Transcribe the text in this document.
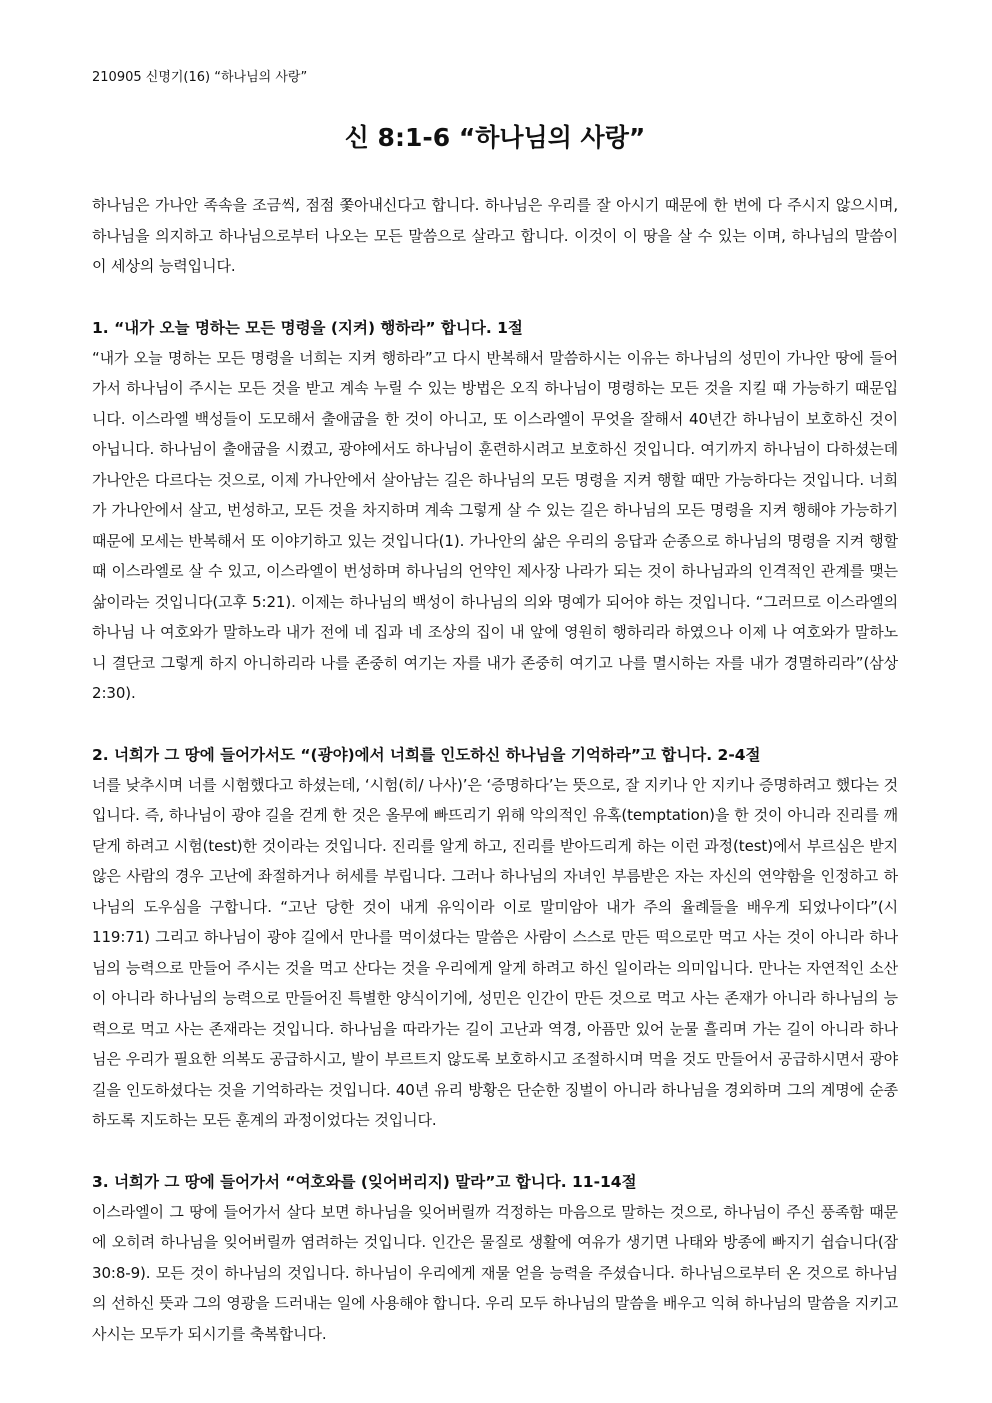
210905 신명기(16) “하나님의 사랑”

신 8:1-6 “하나님의 사랑”

하나님은 가나안 족속을 조금씩, 점점 쫓아내신다고 합니다. 하나님은 우리를 잘 아시기 때문에 한 번에 다 주시지 않으시며, 하나님을 의지하고 하나님으로부터 나오는 모든 말씀으로 살라고 합니다. 이것이 이 땅을 살 수 있는 이며, 하나님의 말씀이 이 세상의 능력입니다.

1. “내가 오늘 명하는 모든 명령을 (지켜) 행하라” 합니다. 1절

“내가 오늘 명하는 모든 명령을 너희는 지켜 행하라”고 다시 반복해서 말씀하시는 이유는 하나님의 성민이 가나안 땅에 들어가서 하나님이 주시는 모든 것을 받고 계속 누릴 수 있는 방법은 오직 하나님이 명령하는 모든 것을 지킬 때 가능하기 때문입니다. 이스라엘 백성들이 도모해서 출애굽을 한 것이 아니고, 또 이스라엘이 무엇을 잘해서 40년간 하나님이 보호하신 것이 아닙니다. 하나님이 출애굽을 시켰고, 광야에서도 하나님이 훈련하시려고 보호하신 것입니다. 여기까지 하나님이 다하셨는데 가나안은 다르다는 것으로, 이제 가나안에서 살아남는 길은 하나님의 모든 명령을 지켜 행할 때만 가능하다는 것입니다. 너희가 가나안에서 살고, 번성하고, 모든 것을 차지하며 계속 그렇게 살 수 있는 길은 하나님의 모든 명령을 지켜 행해야 가능하기 때문에 모세는 반복해서 또 이야기하고 있는 것입니다(1). 가나안의 삶은 우리의 응답과 순종으로 하나님의 명령을 지켜 행할 때 이스라엘로 살 수 있고, 이스라엘이 번성하며 하나님의 언약인 제사장 나라가 되는 것이 하나님과의 인격적인 관계를 맺는 삶이라는 것입니다(고후 5:21). 이제는 하나님의 백성이 하나님의 의와 명예가 되어야 하는 것입니다. “그러므로 이스라엘의 하나님 나 여호와가 말하노라 내가 전에 네 집과 네 조상의 집이 내 앞에 영원히 행하리라 하였으나 이제 나 여호와가 말하노니 결단코 그렇게 하지 아니하리라 나를 존중히 여기는 자를 내가 존중히 여기고 나를 멸시하는 자를 내가 경멸하리라”(삼상 2:30).

2. 너희가 그 땅에 들어가서도 “(광야)에서 너희를 인도하신 하나님을 기억하라”고 합니다. 2-4절

너를 낮추시며 너를 시험했다고 하셨는데, ‘시험(히/ 나사)’은 ‘증명하다’는 뜻으로, 잘 지키나 안 지키나 증명하려고 했다는 것입니다. 즉, 하나님이 광야 길을 걷게 한 것은 올무에 빠뜨리기 위해 악의적인 유혹(temptation)을 한 것이 아니라 진리를 깨닫게 하려고 시험(test)한 것이라는 것입니다. 진리를 알게 하고, 진리를 받아드리게 하는 이런 과정(test)에서 부르심은 받지 않은 사람의 경우 고난에 좌절하거나 허세를 부립니다. 그러나 하나님의 자녀인 부름받은 자는 자신의 연약함을 인정하고 하나님의 도우심을 구합니다. “고난 당한 것이 내게 유익이라 이로 말미암아 내가 주의 율례들을 배우게 되었나이다”(시 119:71) 그리고 하나님이 광야 길에서 만나를 먹이셨다는 말씀은 사람이 스스로 만든 떡으로만 먹고 사는 것이 아니라 하나님의 능력으로 만들어 주시는 것을 먹고 산다는 것을 우리에게 알게 하려고 하신 일이라는 의미입니다. 만나는 자연적인 소산이 아니라 하나님의 능력으로 만들어진 특별한 양식이기에, 성민은 인간이 만든 것으로 먹고 사는 존재가 아니라 하나님의 능력으로 먹고 사는 존재라는 것입니다. 하나님을 따라가는 길이 고난과 역경, 아픔만 있어 눈물 흘리며 가는 길이 아니라 하나님은 우리가 필요한 의복도 공급하시고, 발이 부르트지 않도록 보호하시고 조절하시며 먹을 것도 만들어서 공급하시면서 광야 길을 인도하셨다는 것을 기억하라는 것입니다. 40년 유리 방황은 단순한 징벌이 아니라 하나님을 경외하며 그의 계명에 순종하도록 지도하는 모든 훈계의 과정이었다는 것입니다.

3. 너희가 그 땅에 들어가서 “여호와를 (잊어버리지) 말라”고 합니다. 11-14절

이스라엘이 그 땅에 들어가서 살다 보면 하나님을 잊어버릴까 걱정하는 마음으로 말하는 것으로, 하나님이 주신 풍족함 때문에 오히려 하나님을 잊어버릴까 염려하는 것입니다. 인간은 물질로 생활에 여유가 생기면 나태와 방종에 빠지기 쉽습니다(잠 30:8-9). 모든 것이 하나님의 것입니다. 하나님이 우리에게 재물 얻을 능력을 주셨습니다. 하나님으로부터 온 것으로 하나님의 선하신 뜻과 그의 영광을 드러내는 일에 사용해야 합니다. 우리 모두 하나님의 말씀을 배우고 익혀 하나님의 말씀을 지키고 사시는 모두가 되시기를 축복합니다.
